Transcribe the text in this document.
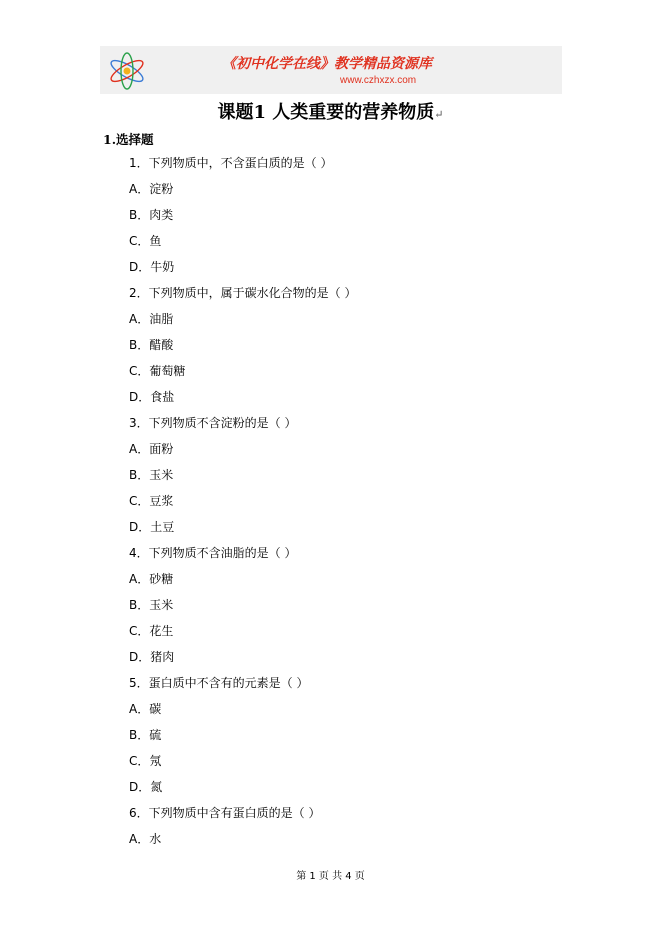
《初中化学在线》教学精品资源库
www.czhxzx.com
课题1 人类重要的营养物质↵
1.选择题
1．下列物质中，不含蛋白质的是（ ）
A．淀粉
B．肉类
C．鱼
D．牛奶
2．下列物质中，属于碳水化合物的是（ ）
A．油脂
B．醋酸
C．葡萄糖
D．食盐
3．下列物质不含淀粉的是（ ）
A．面粉
B．玉米
C．豆浆
D．土豆
4．下列物质不含油脂的是（ ）
A．砂糖
B．玉米
C．花生
D．猪肉
5．蛋白质中不含有的元素是（ ）
A．碳
B．硫
C．氖
D．氮
6．下列物质中含有蛋白质的是（ ）
A．水
第 1 页 共 4 页
